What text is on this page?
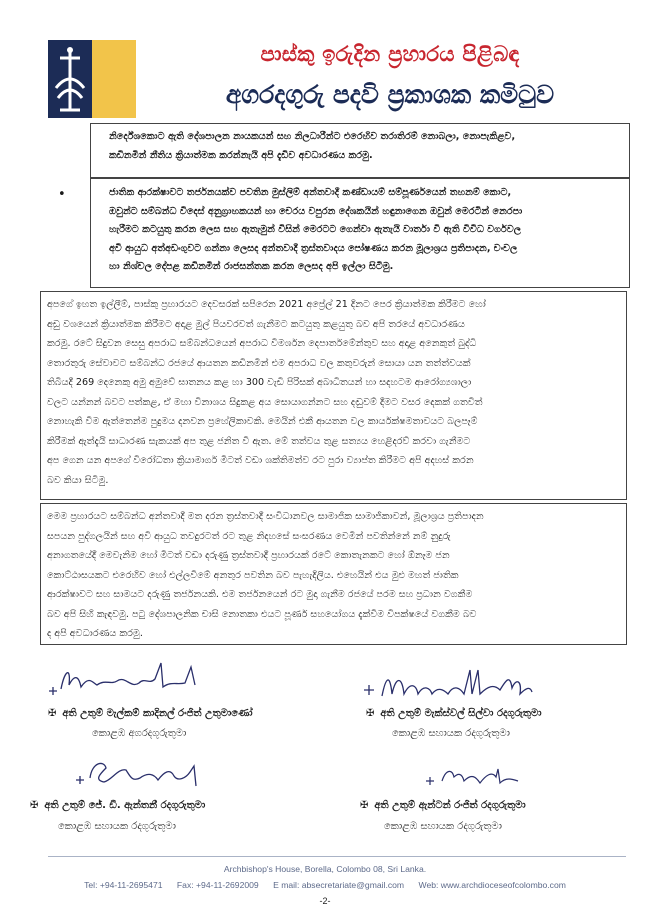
පාස්කු ඉරුදින ප්‍රහාරය පිළිබඳ
අගරදගුරු පදවි ප්‍රකාශක කමිටුව
නිර්දේශකොට ඇති දේශපාලන නායකයන් සහ නිලධාරීන්ට එරෙහිව තරාතිරම් නොබලා, නොපැකිළව,
කඩිනමින් නීතිය ක්‍රියාත්මක කරන්නැයි අපි දැඩිව අවධාරණය කරමු.
•	ජාතික ආරක්ෂාවට තර්ජනයක්ව පවතින මුස්ලිම් අන්තවාදී කණ්ඩායම් සම්පූර්ණයෙන් තහනම් කොට,
ඔවුන්ට සම්බන්ධ විදෙස් අනුග්‍රාහකයන් හා චෙරය වපුරන දේශකයින් හඳුනාගෙන ඔවුන් මෙරටින් නෙරපා
හැරීමට කටයුතු කරන ලෙස සහ ඇතැමුන් විසින් මෙරටට ගෙන්වා ඇතැයි වාර්තා වී ඇති විවිධ වර්ගවල
අවි ආයුධ අත්අඩංගුවට ගන්නා ලෙසද අන්තවාදී ත්‍රස්තවාදය පෝෂණය කරන මූලාශ්‍රය ප්‍රතිපාදන, චංචල
හා නිශ්චල දේපළ කඩිනමින් රාජසන්තක කරන ලෙසද අපි ඉල්ලා සිටිමු.
අපගේ ඉහත ඉල්ලීම්, පාස්කු ප්‍රහාරයට දෙවසරක් සපිරෙන 2021 අප්‍රේල් 21 දිනට පෙර ක්‍රියාත්මක කිරීමට හෝ
අඩු වශයෙන් ක්‍රියාත්මක කිරීමට අදාළ මුල් පියවරවත් ගැනීමට කටයුතු කළයුතු බව අපි තරයේ අවධාරණය
කරමු. රටේ සිදුවන සෙසු අපරාධ සම්බන්ධයෙන් අපරාධ විමර්ශන දෙපාර්තමේන්තුව සහ අදාළ අනෙකුත් බුද්ධි
තොරතුරු සේවාවට සම්බන්ධ රජයේ ආයතන කඩිනමින් එම අපරාධ වල කතුවරුන් සොයා යන තත්ත්වයක්
තිබියදී 269 දෙනෙකු අමු අමුවේ ඝාතනය කළ හා 300 වැඩි පිරිසක් අබාධිතයන් හා සදහටම ආරෝග්‍යශාලා
වලට යන්නන් බවට පත්කළ, ඒ මහා විනාශය සිදුකළ අය සොයාගන්නට සහ දඬුවම් දීමට වසර දෙකක් ගතවීත්
නොහැකි වීම ඇත්තෙන්ම පුදුමය දනවන ප්‍රහේලිකාවකි. මෙයින් එකී ආයතන වල කාර්යක්ෂමතාවයට බලපෑම්
කිරීමක් ඇත්දැයි සාධාරණ සැකයක් අප තුළ ජනිත වී ඇත. මේ තත්වය තුළ සත්‍යය හෙළිදරව් කරවා ගැනීමට
අප ගෙන යන අපගේ විරෝධතා ක්‍රියාමාර්ග මීටත් වඩා ශක්තිමත්ව රට පුරා ව්‍යාප්ත කිරීමට අපි අදහස් කරන
බව කියා සිටිමු.
මෙම ප්‍රහාරයට සම්බන්ධ අන්තවාදී මත දරන ත්‍රස්තවාදී සංවිධානවල සාමාජික සාමාජිකාවන්, මූලාශ්‍රය ප්‍රතිපාදන
සපයන පුද්ගලයින් සහ අවි ආයුධ තවදුරටත් රට තුළ නිදහසේ සංසරණය වෙමින් පවතින්නේ නම් නුදුරු
අනාගතයේදී මෙවැනිම හෝ මීටත් වඩා දරුණු ත්‍රස්තවාදී ප්‍රහාරයක් රටේ කොතැනකට හෝ ඕනෑම ජන
කොට්ඨාසයකට එරෙහිව හෝ එල්ලවීමේ අනතුර පවතින බව පැහැදිලිය. එහෙයින් එය මුළු මහත් ජාතික
ආරක්ෂාවට සහ සාමයට දරුණු තර්ජනයකි. එම තර්ජනයෙන් රට මුදා ගැනීම රජයේ පරම සහ ප්‍රධාන වගකීම
බව අපි සිහි කැඳවමු. පටු දේශපාලනික චාසි නොතකා එයට පූර්ණ සහයෝගය දැක්වීම විපක්ෂයේ වගකීම බව
ද අපි අවධාරණය කරමු.
✠ අති උතුම් මැල්කම් කාදිනල් රංජිත් උතුමාණෝ
කොළඹ අගරදගුරුතුමා
✠ අති උතුම් මැක්ස්වල් සිල්වා රදගුරුතුමා
කොළඹ සහායක රදගුරුතුමා
✠ අති උතුම් ජේ. ඩී. ඇන්තනී රදගුරුතුමා
කොළඹ සහායක රදගුරුතුමා
✠ අති උතුම් ඇන්ටන් රංජිත් රදගුරුතුමා
කොළඹ සහායක රදගුරුතුමා
Archbishop's House, Borella, Colombo 08, Sri Lanka.
Tel: +94-11-2695471 Fax: +94-11-2692009 E mail: absecretariate@gmail.com Web: www.archdioceseofcolombo.com
-2-
